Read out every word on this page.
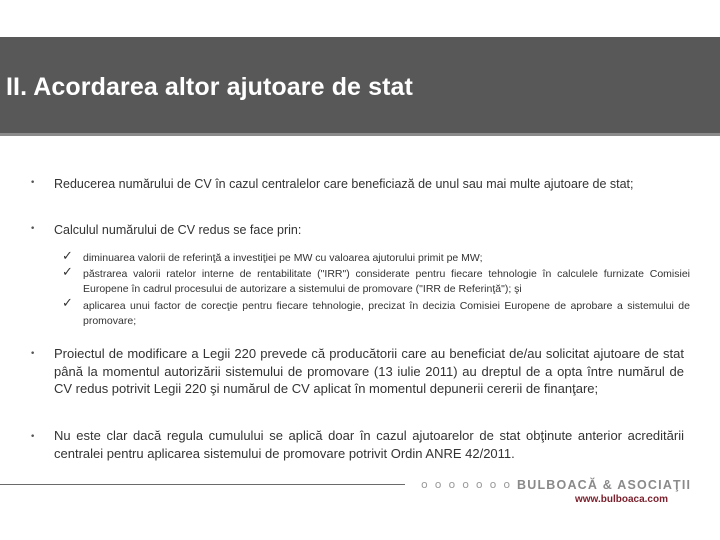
II. Acordarea altor ajutoare de stat
• Reducerea numărului de CV în cazul centralelor care beneficiază de unul sau mai multe ajutoare de stat;
• Calculul numărului de CV redus se face prin:
✓ diminuarea valorii de referinţă a investiţiei pe MW cu valoarea ajutorului primit pe MW;
✓ păstrarea valorii ratelor interne de rentabilitate ("IRR") considerate pentru fiecare tehnologie în calculele furnizate Comisiei Europene în cadrul procesului de autorizare a sistemului de promovare ("IRR de Referinţă"); şi
✓ aplicarea unui factor de corecţie pentru fiecare tehnologie, precizat în decizia Comisiei Europene de aprobare a sistemului de promovare;
• Proiectul de modificare a Legii 220 prevede că producătorii care au beneficiat de/au solicitat ajutoare de stat până la momentul autorizării sistemului de promovare (13 iulie 2011) au dreptul de a opta între numărul de CV redus potrivit Legii 220 şi numărul de CV aplicat în momentul depunerii cererii de finanţare;
• Nu este clar dacă regula cumulului se aplică doar în cazul ajutoarelor de stat obţinute anterior acreditării centralei pentru aplicarea sistemului de promovare potrivit Ordin ANRE 42/2011.
ooooooo BULBOACĂ & ASOCIAŢII
www.bulboaca.com
